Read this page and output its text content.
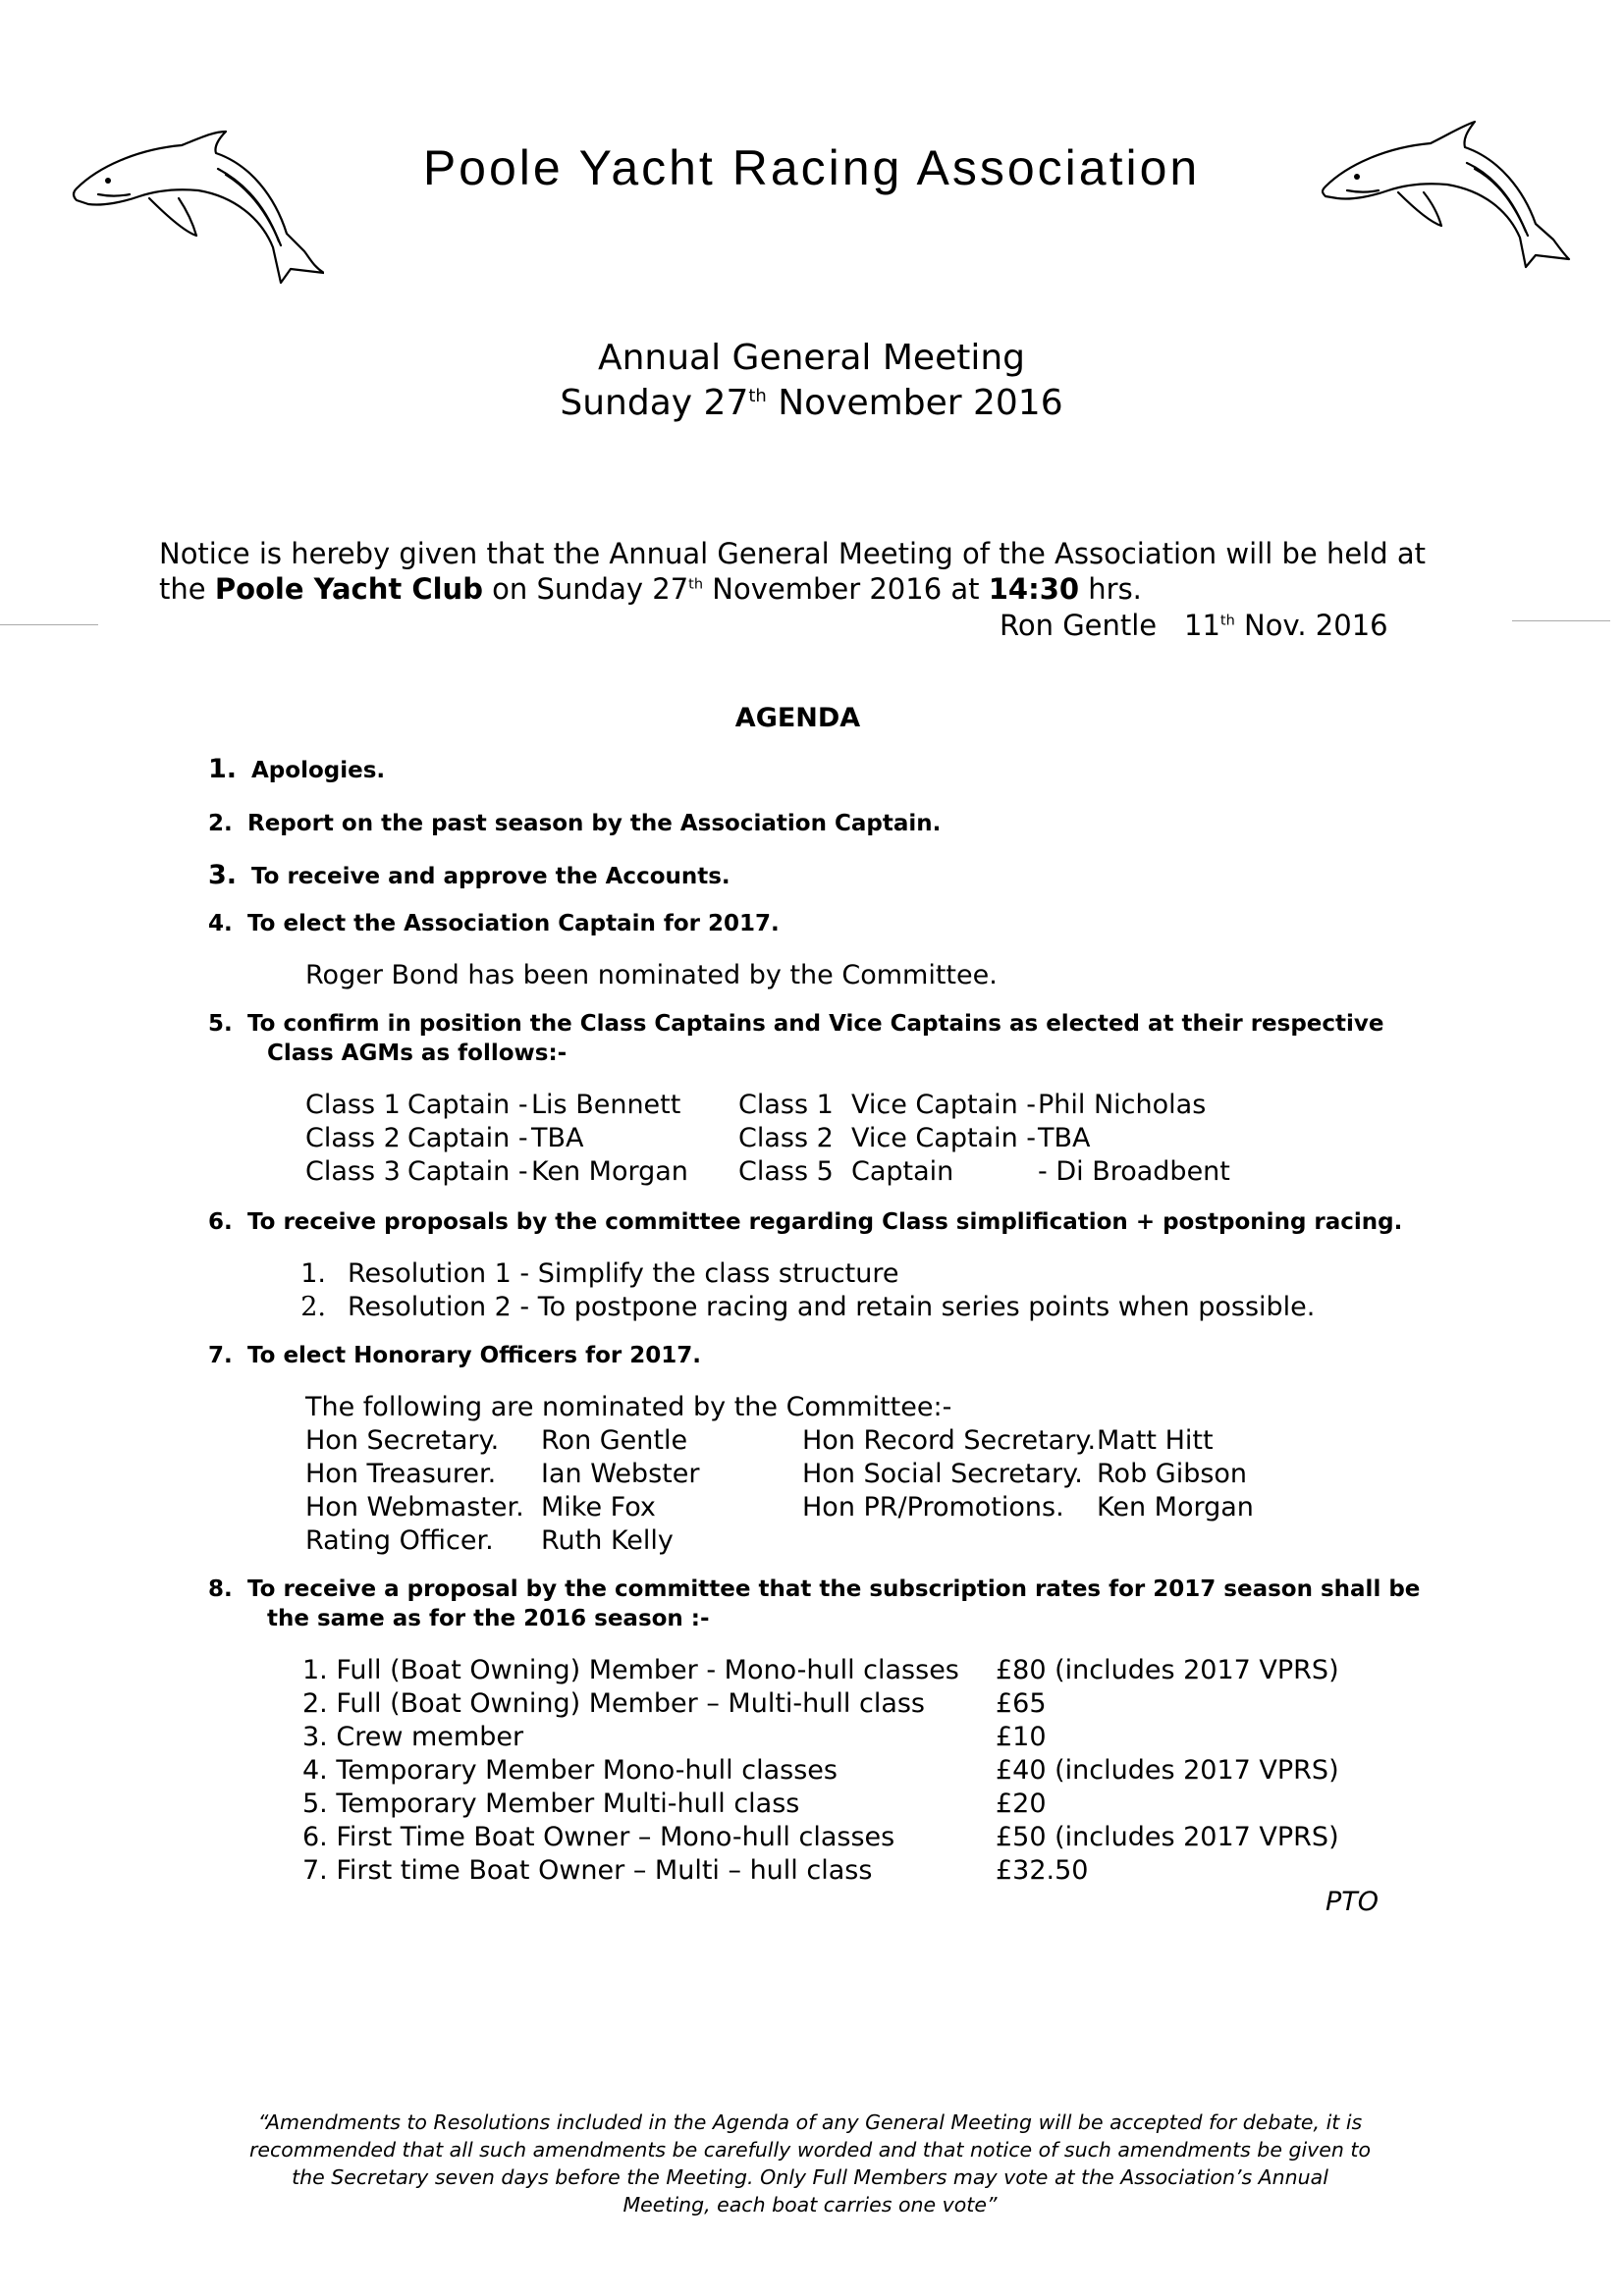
Poole Yacht Racing Association
Annual General Meeting
Sunday 27th November 2016
Notice is hereby given that the Annual General Meeting of the Association will be held at
the Poole Yacht Club on Sunday 27th November 2016 at 14:30 hrs.
Ron Gentle 11th Nov. 2016
AGENDA
1. Apologies.
2. Report on the past season by the Association Captain.
3. To receive and approve the Accounts.
4. To elect the Association Captain for 2017.
Roger Bond has been nominated by the Committee.
5. To confirm in position the Class Captains and Vice Captains as elected at their respective
Class AGMs as follows:-
Class 1	Captain -	Lis Bennett	Class 1	Vice Captain -	Phil Nicholas
Class 2	Captain -	TBA	Class 2	Vice Captain -	TBA
Class 3	Captain -	Ken Morgan	Class 5	Captain	- Di Broadbent
6. To receive proposals by the committee regarding Class simplification + postponing racing.
1. Resolution 1 - Simplify the class structure
2. Resolution 2 - To postpone racing and retain series points when possible.
7. To elect Honorary Officers for 2017.
The following are nominated by the Committee:-
Hon Secretary.	Ron Gentle	Hon Record Secretary.	Matt Hitt
Hon Treasurer.	Ian Webster	Hon Social Secretary.	Rob Gibson
Hon Webmaster.	Mike Fox	Hon PR/Promotions.	Ken Morgan
Rating Officer.	Ruth Kelly		
8. To receive a proposal by the committee that the subscription rates for 2017 season shall be
the same as for the 2016 season :-
1. Full (Boat Owning) Member - Mono-hull classes	£80 (includes 2017 VPRS)
2. Full (Boat Owning) Member – Multi-hull class	£65
3. Crew member	£10
4. Temporary Member Mono-hull classes	£40 (includes 2017 VPRS)
5. Temporary Member Multi-hull class	£20
6. First Time Boat Owner – Mono-hull classes	£50 (includes 2017 VPRS)
7. First time Boat Owner – Multi – hull class	£32.50
PTO
“Amendments to Resolutions included in the Agenda of any General Meeting will be accepted for debate, it is recommended that all such amendments be carefully worded and that notice of such amendments be given to the Secretary seven days before the Meeting. Only Full Members may vote at the Association’s Annual Meeting, each boat carries one vote”
